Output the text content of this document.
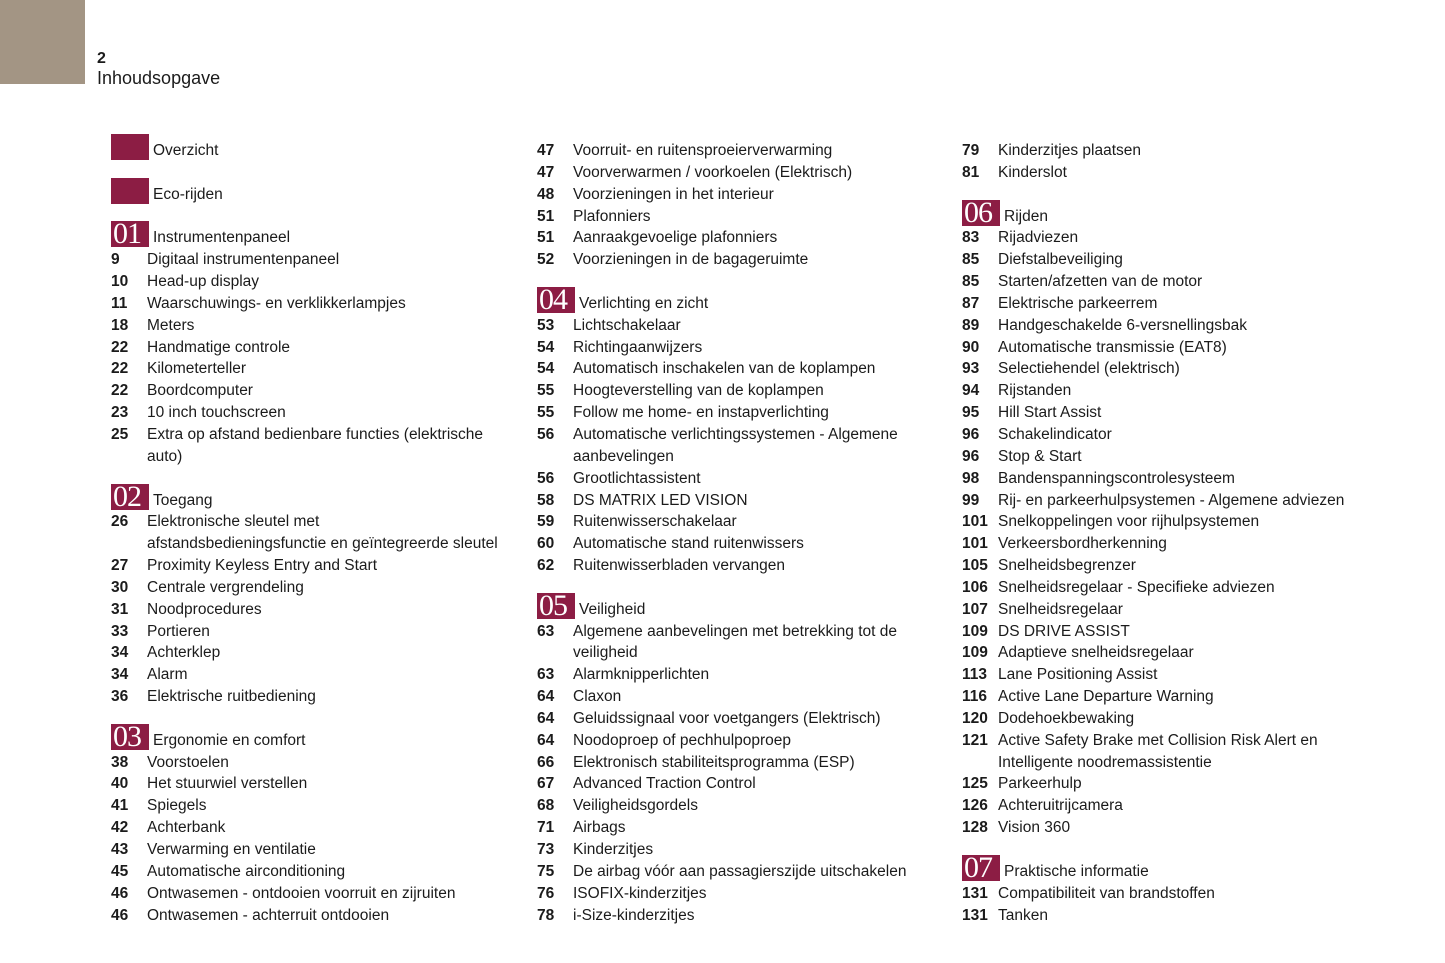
2
Inhoudsopgave
Overzicht
Eco-rijden
01 Instrumentenpaneel
9	Digitaal instrumentenpaneel
10	Head-up display
11	Waarschuwings- en verklikkerlampjes
18	Meters
22	Handmatige controle
22	Kilometerteller
22	Boordcomputer
23	10 inch touchscreen
25	Extra op afstand bedienbare functies (elektrische
auto)
02 Toegang
26	Elektronische sleutel met
afstandsbedieningsfunctie en geïntegreerde sleutel
27	Proximity Keyless Entry and Start
30	Centrale vergrendeling
31	Noodprocedures
33	Portieren
34	Achterklep
34	Alarm
36	Elektrische ruitbediening
03 Ergonomie en comfort
38	Voorstoelen
40	Het stuurwiel verstellen
41	Spiegels
42	Achterbank
43	Verwarming en ventilatie
45	Automatische airconditioning
46	Ontwasemen - ontdooien voorruit en zijruiten
46	Ontwasemen - achterruit ontdooien
47	Voorruit- en ruitensproeierverwarming
47	Voorverwarmen / voorkoelen (Elektrisch)
48	Voorzieningen in het interieur
51	Plafonniers
51	Aanraakgevoelige plafonniers
52	Voorzieningen in de bagageruimte
04 Verlichting en zicht
53	Lichtschakelaar
54	Richtingaanwijzers
54	Automatisch inschakelen van de koplampen
55	Hoogteverstelling van de koplampen
55	Follow me home- en instapverlichting
56	Automatische verlichtingssystemen - Algemene
aanbevelingen
56	Grootlichtassistent
58	DS MATRIX LED VISION
59	Ruitenwisserschakelaar
60	Automatische stand ruitenwissers
62	Ruitenwisserbladen vervangen
05 Veiligheid
63	Algemene aanbevelingen met betrekking tot de
veiligheid
63	Alarmknipperlichten
64	Claxon
64	Geluidssignaal voor voetgangers (Elektrisch)
64	Noodoproep of pechhulpoproep
66	Elektronisch stabiliteitsprogramma (ESP)
67	Advanced Traction Control
68	Veiligheidsgordels
71	Airbags
73	Kinderzitjes
75	De airbag vóór aan passagierszijde uitschakelen
76	ISOFIX-kinderzitjes
78	i-Size-kinderzitjes
79	Kinderzitjes plaatsen
81	Kinderslot
06 Rijden
83	Rijadviezen
85	Diefstalbeveiliging
85	Starten/afzetten van de motor
87	Elektrische parkeerrem
89	Handgeschakelde 6-versnellingsbak
90	Automatische transmissie (EAT8)
93	Selectiehendel (elektrisch)
94	Rijstanden
95	Hill Start Assist
96	Schakelindicator
96	Stop & Start
98	Bandenspanningscontrolesysteem
99	Rij- en parkeerhulpsystemen - Algemene adviezen
101 Snelkoppelingen voor rijhulpsystemen
101 Verkeersbordherkenning
105 Snelheidsbegrenzer
106 Snelheidsregelaar - Specifieke adviezen
107 Snelheidsregelaar
109 DS DRIVE ASSIST
109 Adaptieve snelheidsregelaar
113 Lane Positioning Assist
116 Active Lane Departure Warning
120 Dodehoekbewaking
121 Active Safety Brake met Collision Risk Alert en
Intelligente noodremassistentie
125 Parkeerhulp
126 Achteruitrijcamera
128 Vision 360
07 Praktische informatie
131 Compatibiliteit van brandstoffen
131 Tanken
